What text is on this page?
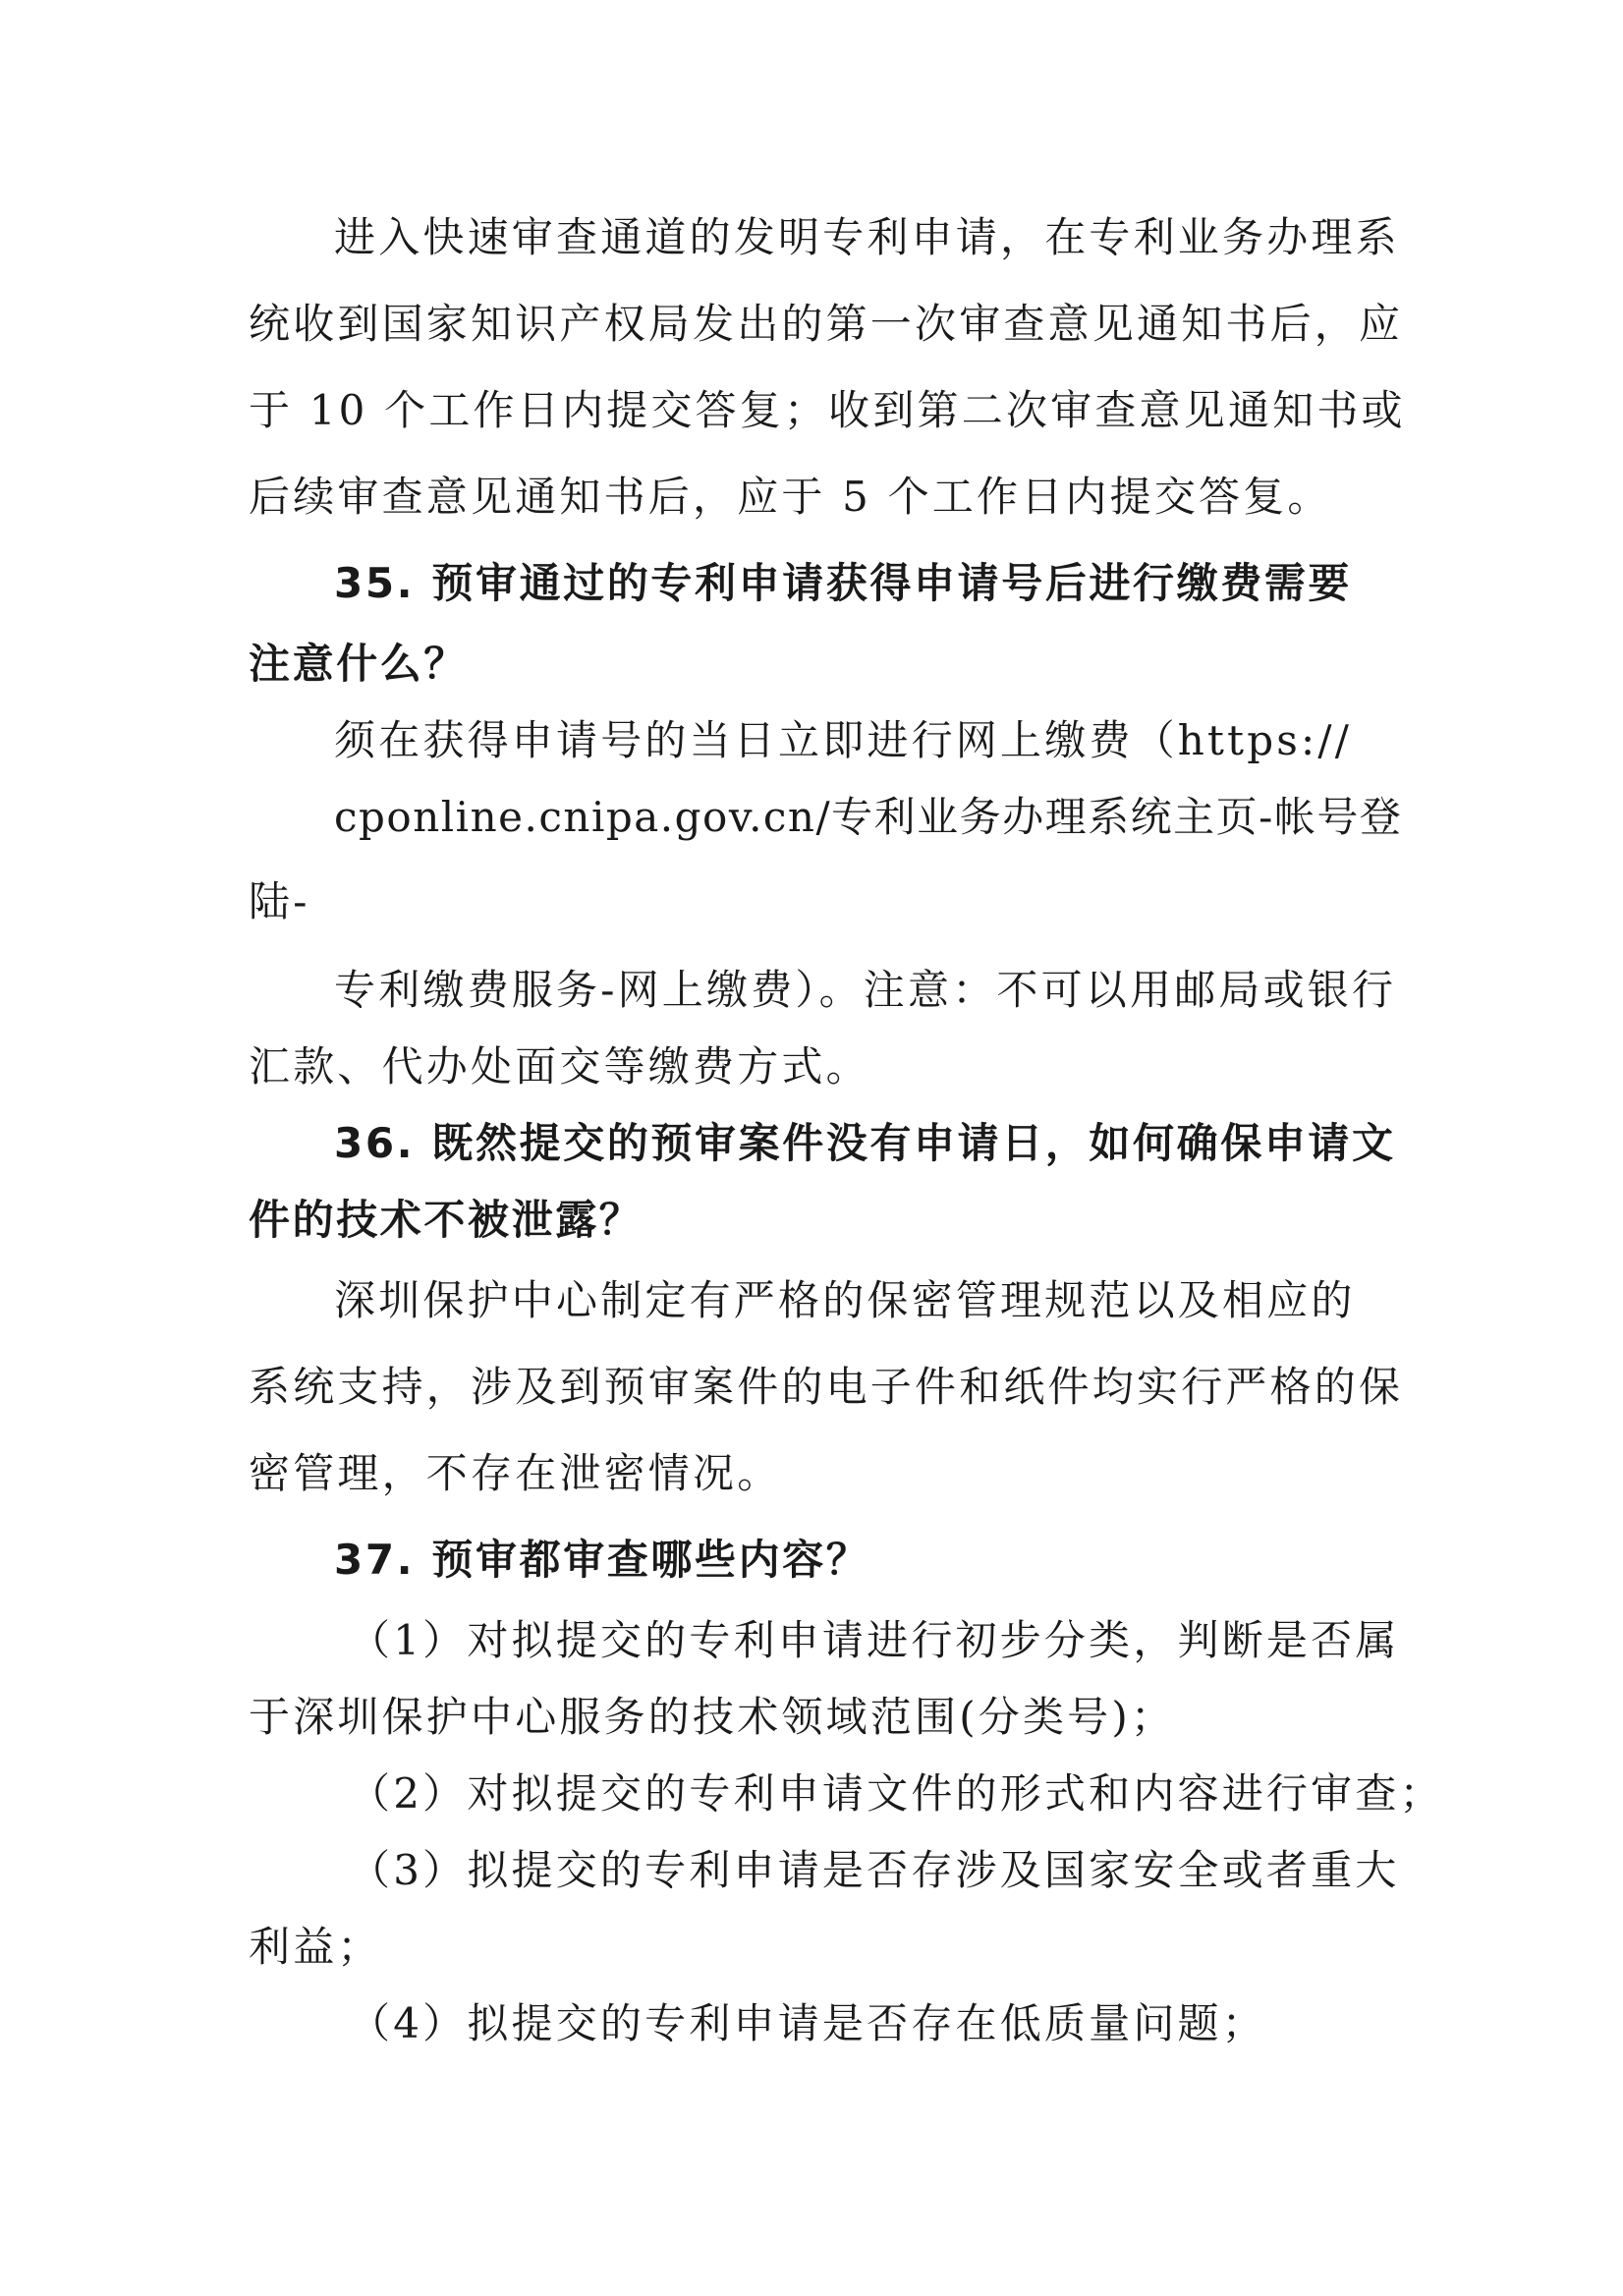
进入快速审查通道的发明专利申请，在专利业务办理系
统收到国家知识产权局发出的第一次审查意见通知书后，应
于 10 个工作日内提交答复；收到第二次审查意见通知书或
后续审查意见通知书后，应于 5 个工作日内提交答复。
35. 预审通过的专利申请获得申请号后进行缴费需要
注意什么？
须在获得申请号的当日立即进行网上缴费（https://
cponline.cnipa.gov.cn/专利业务办理系统主页-帐号登
陆-
专利缴费服务-网上缴费）。注意：不可以用邮局或银行
汇款、代办处面交等缴费方式。
36. 既然提交的预审案件没有申请日，如何确保申请文
件的技术不被泄露？
深圳保护中心制定有严格的保密管理规范以及相应的
系统支持，涉及到预审案件的电子件和纸件均实行严格的保
密管理，不存在泄密情况。
37. 预审都审查哪些内容？
（1）对拟提交的专利申请进行初步分类，判断是否属
于深圳保护中心服务的技术领域范围(分类号)；
（2）对拟提交的专利申请文件的形式和内容进行审查；
（3）拟提交的专利申请是否存涉及国家安全或者重大
利益；
（4）拟提交的专利申请是否存在低质量问题；
